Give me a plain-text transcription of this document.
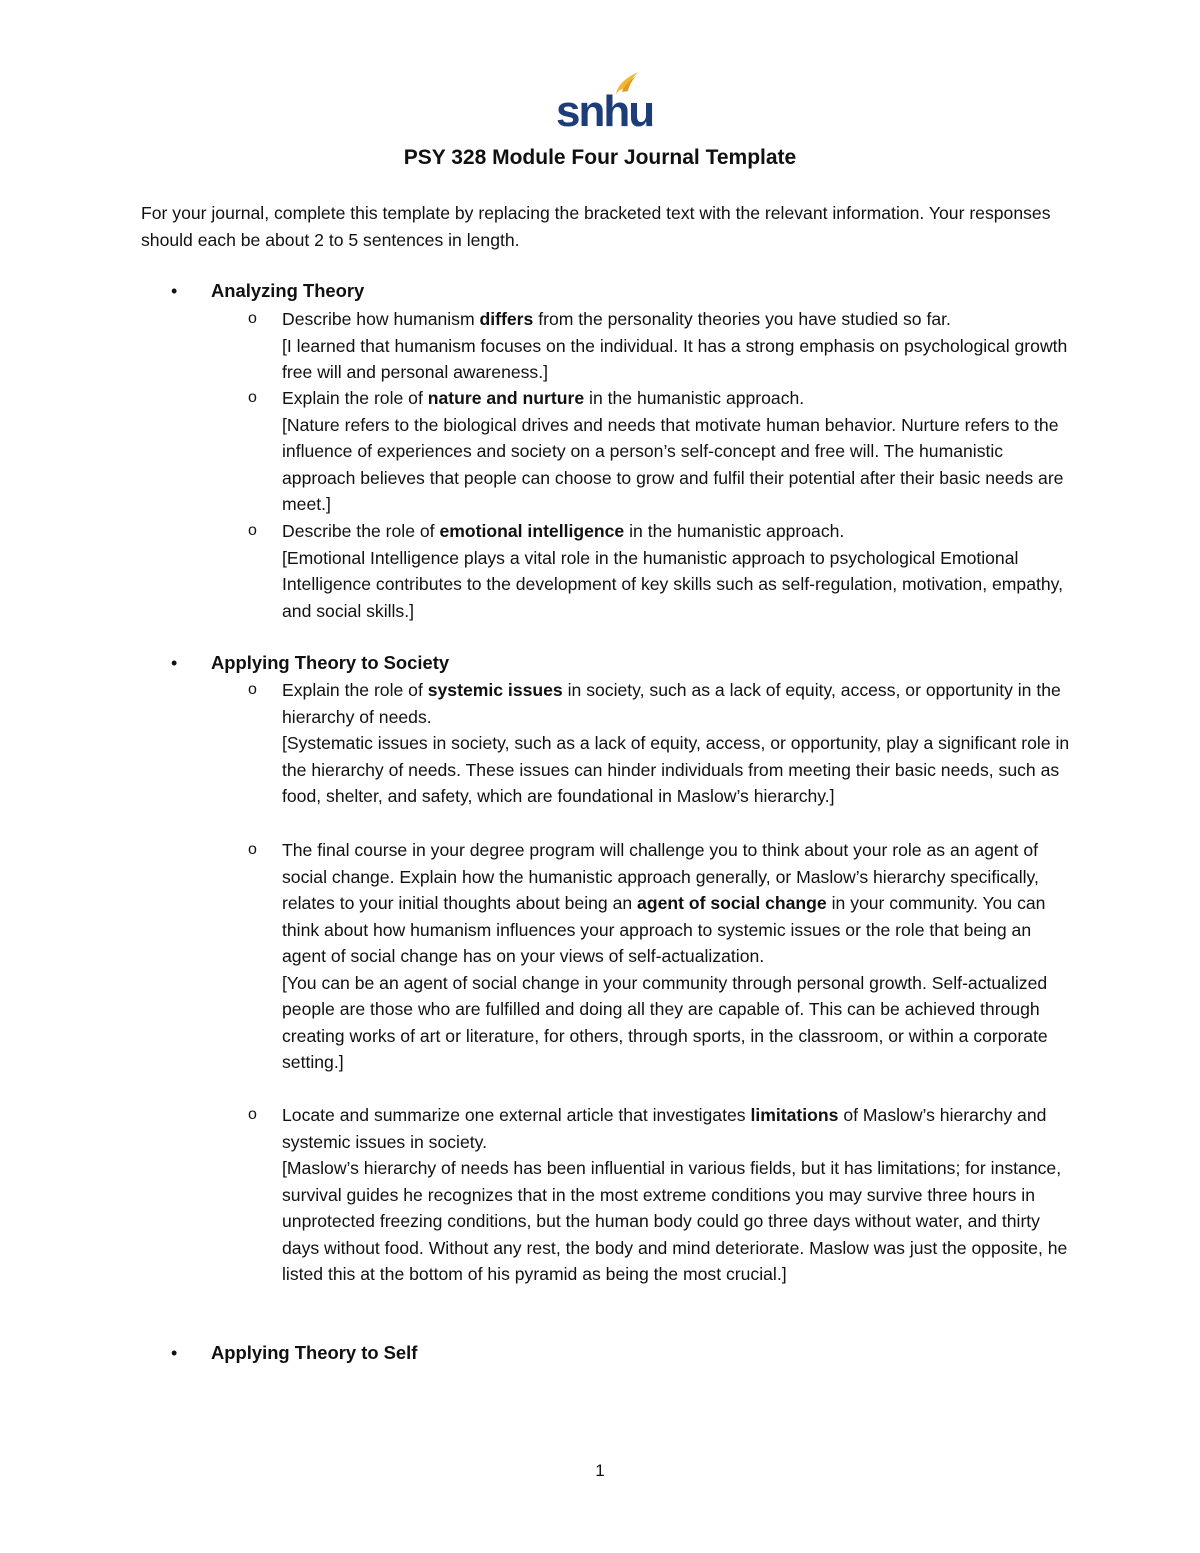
snhu
PSY 328 Module Four Journal Template
For your journal, complete this template by replacing the bracketed text with the relevant information. Your responses should each be about 2 to 5 sentences in length.
• Analyzing Theory
o Describe how humanism differs from the personality theories you have studied so far.

[I learned that humanism focuses on the individual. It has a strong emphasis on psychological growth free will and personal awareness.]

o Explain the role of nature and nurture in the humanistic approach.

[Nature refers to the biological drives and needs that motivate human behavior. Nurture refers to the influence of experiences and society on a person’s self-concept and free will. The humanistic approach believes that people can choose to grow and fulfil their potential after their basic needs are meet.]

o Describe the role of emotional intelligence in the humanistic approach.

[Emotional Intelligence plays a vital role in the humanistic approach to psychological Emotional Intelligence contributes to the development of key skills such as self-regulation, motivation, empathy, and social skills.]

• Applying Theory to Society
o Explain the role of systemic issues in society, such as a lack of equity, access, or opportunity in the hierarchy of needs.

[Systematic issues in society, such as a lack of equity, access, or opportunity, play a significant role in the hierarchy of needs. These issues can hinder individuals from meeting their basic needs, such as food, shelter, and safety, which are foundational in Maslow’s hierarchy.]

o The final course in your degree program will challenge you to think about your role as an agent of social change. Explain how the humanistic approach generally, or Maslow’s hierarchy specifically, relates to your initial thoughts about being an agent of social change in your community. You can think about how humanism influences your approach to systemic issues or the role that being an agent of social change has on your views of self-actualization.

[You can be an agent of social change in your community through personal growth. Self-actualized people are those who are fulfilled and doing all they are capable of. This can be achieved through creating works of art or literature, for others, through sports, in the classroom, or within a corporate setting.]

o Locate and summarize one external article that investigates limitations of Maslow’s hierarchy and systemic issues in society.

[Maslow’s hierarchy of needs has been influential in various fields, but it has limitations; for instance, survival guides he recognizes that in the most extreme conditions you may survive three hours in unprotected freezing conditions, but the human body could go three days without water, and thirty days without food. Without any rest, the body and mind deteriorate. Maslow was just the opposite, he listed this at the bottom of his pyramid as being the most crucial.]

• Applying Theory to Self
1
